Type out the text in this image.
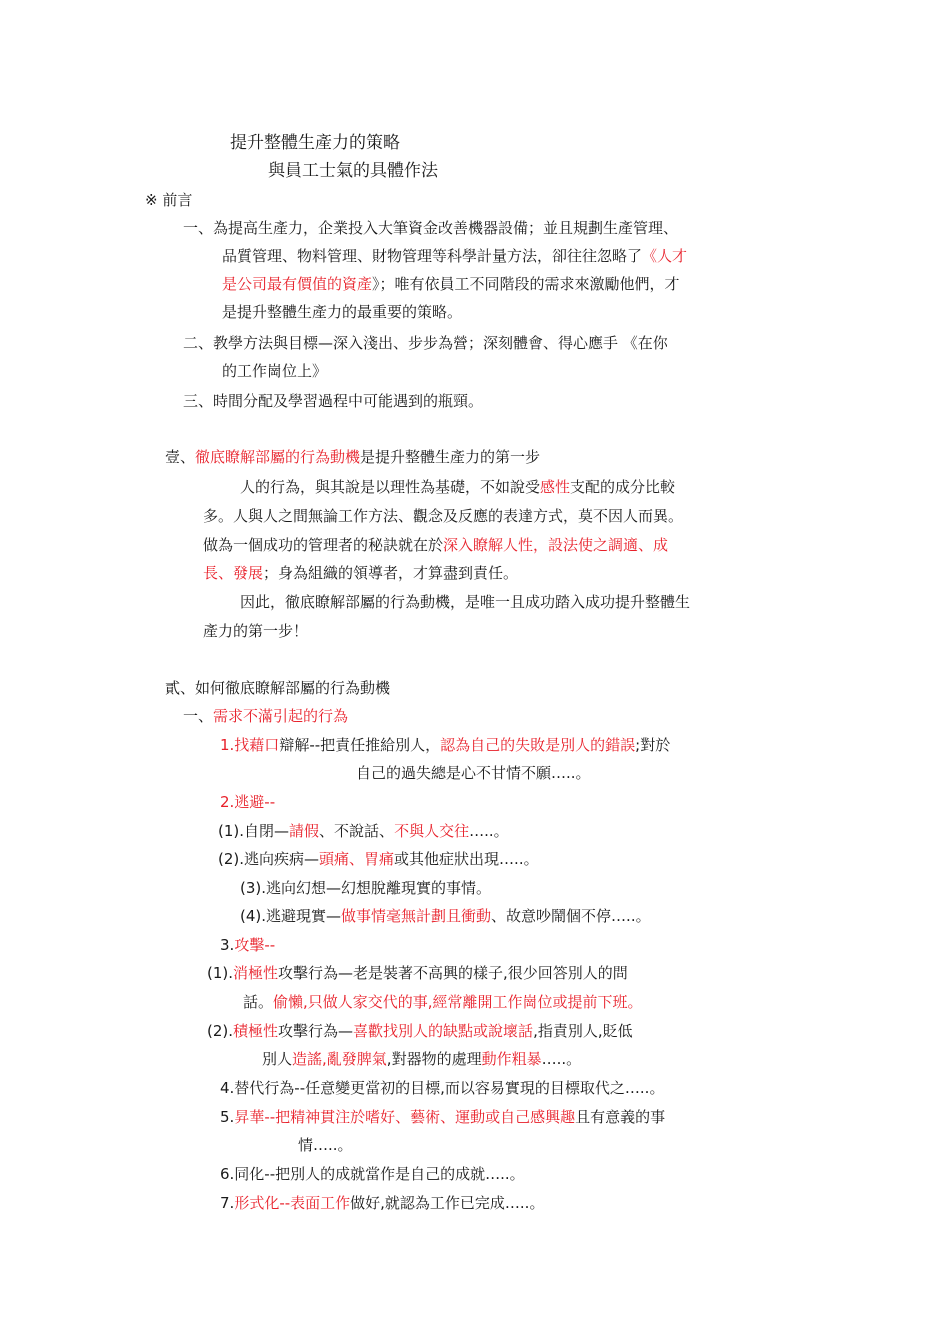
提升整體生產力的策略
與員工士氣的具體作法
※ 前言
一、為提高生產力，企業投入大筆資金改善機器設備；並且規劃生產管理、
品質管理、物料管理、財物管理等科學計量方法，卻往往忽略了《人才
是公司最有價值的資產》；唯有依員工不同階段的需求來激勵他們，才
是提升整體生產力的最重要的策略。
二、教學方法與目標—深入淺出、步步為營；深刻體會、得心應手 《在你
的工作崗位上》
三、時間分配及學習過程中可能遇到的瓶頸。
壹、徹底瞭解部屬的行為動機是提升整體生產力的第一步
人的行為，與其說是以理性為基礎，不如說受感性支配的成分比較
多。人與人之間無論工作方法、觀念及反應的表達方式，莫不因人而異。
做為一個成功的管理者的秘訣就在於深入瞭解人性，設法使之調適、成
長、發展；身為組織的領導者，才算盡到責任。
因此，徹底瞭解部屬的行為動機，是唯一且成功踏入成功提升整體生
產力的第一步！
貳、如何徹底瞭解部屬的行為動機
一、需求不滿引起的行為
1.找藉口辯解--把責任推給別人，認為自己的失敗是別人的錯誤;對於
自己的過失總是心不甘情不願…..。
2.逃避--
(1).自閉—請假、不說話、不與人交往…..。
(2).逃向疾病—頭痛、胃痛或其他症狀出現…..。
(3).逃向幻想—幻想脫離現實的事情。
(4).逃避現實—做事情毫無計劃且衝動、故意吵鬧個不停…..。
3.攻擊--
(1).消極性攻擊行為—老是裝著不高興的樣子,很少回答別人的問
話。偷懶,只做人家交代的事,經常離開工作崗位或提前下班。
(2).積極性攻擊行為—喜歡找別人的缺點或說壞話,指責別人,貶低
別人造謠,亂發脾氣,對器物的處理動作粗暴…..。
4.替代行為--任意變更當初的目標,而以容易實現的目標取代之…..。
5.昇華--把精神貫注於嗜好、藝術、運動或自己感興趣且有意義的事
情…..。
6.同化--把別人的成就當作是自己的成就…..。
7.形式化--表面工作做好,就認為工作已完成…..。
